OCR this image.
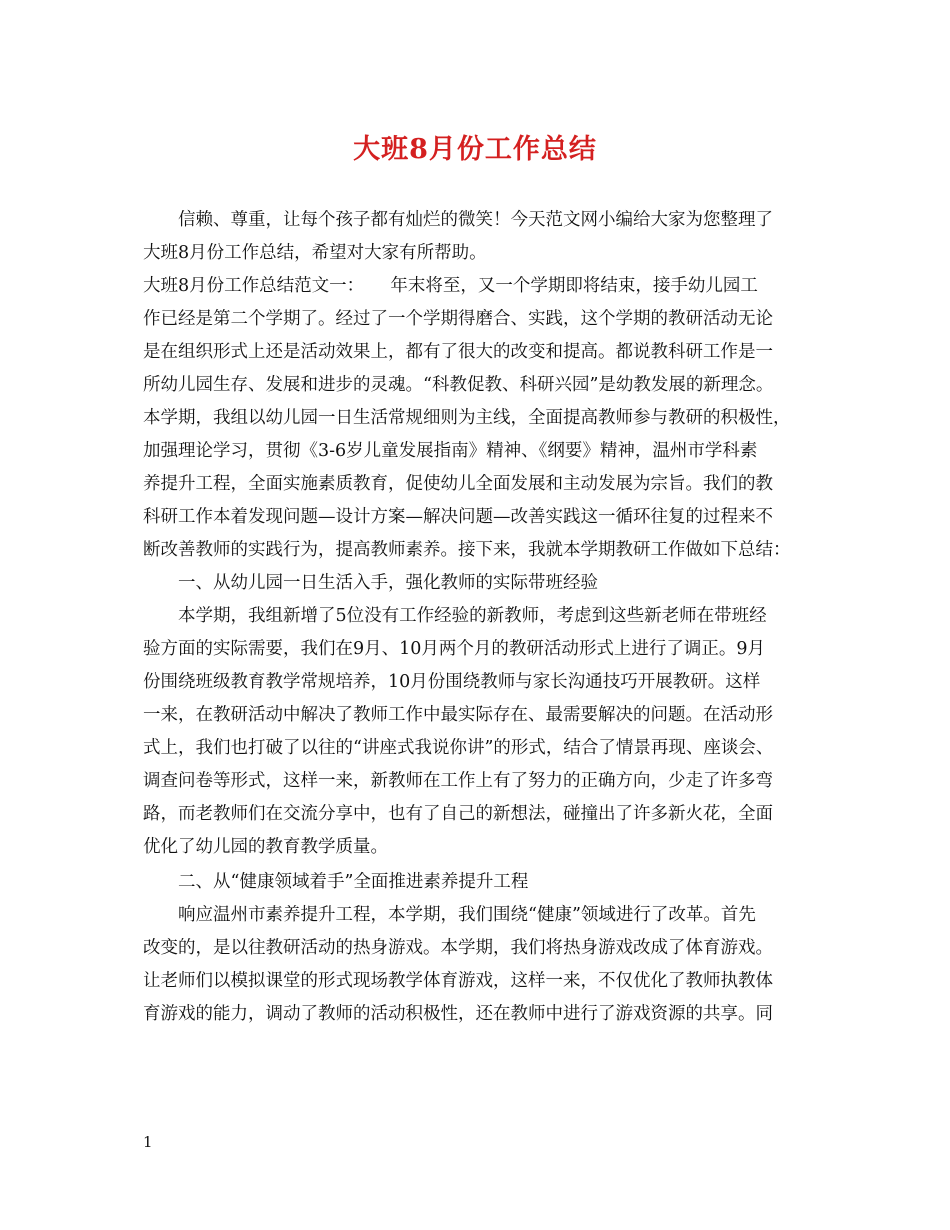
大班8月份工作总结
信赖、尊重，让每个孩子都有灿烂的微笑！今天范文网小编给大家为您整理了
大班8月份工作总结，希望对大家有所帮助。
大班8月份工作总结范文一：　　年末将至，又一个学期即将结束，接手幼儿园工
作已经是第二个学期了。经过了一个学期得磨合、实践，这个学期的教研活动无论
是在组织形式上还是活动效果上，都有了很大的改变和提高。都说教科研工作是一
所幼儿园生存、发展和进步的灵魂。“科教促教、科研兴园”是幼教发展的新理念。
本学期，我组以幼儿园一日生活常规细则为主线，全面提高教师参与教研的积极性，
加强理论学习，贯彻《3-6岁儿童发展指南》精神、《纲要》精神，温州市学科素
养提升工程，全面实施素质教育，促使幼儿全面发展和主动发展为宗旨。我们的教
科研工作本着发现问题—设计方案—解决问题—改善实践这一循环往复的过程来不
断改善教师的实践行为，提高教师素养。接下来，我就本学期教研工作做如下总结：
一、从幼儿园一日生活入手，强化教师的实际带班经验
本学期，我组新增了5位没有工作经验的新教师，考虑到这些新老师在带班经
验方面的实际需要，我们在9月、10月两个月的教研活动形式上进行了调正。9月
份围绕班级教育教学常规培养，10月份围绕教师与家长沟通技巧开展教研。这样
一来，在教研活动中解决了教师工作中最实际存在、最需要解决的问题。在活动形
式上，我们也打破了以往的“讲座式我说你讲”的形式，结合了情景再现、座谈会、
调查问卷等形式，这样一来，新教师在工作上有了努力的正确方向，少走了许多弯
路，而老教师们在交流分享中，也有了自己的新想法，碰撞出了许多新火花，全面
优化了幼儿园的教育教学质量。
二、从“健康领域着手”全面推进素养提升工程
响应温州市素养提升工程，本学期，我们围绕“健康”领域进行了改革。首先
改变的，是以往教研活动的热身游戏。本学期，我们将热身游戏改成了体育游戏。
让老师们以模拟课堂的形式现场教学体育游戏，这样一来，不仅优化了教师执教体
育游戏的能力，调动了教师的活动积极性，还在教师中进行了游戏资源的共享。同
1
